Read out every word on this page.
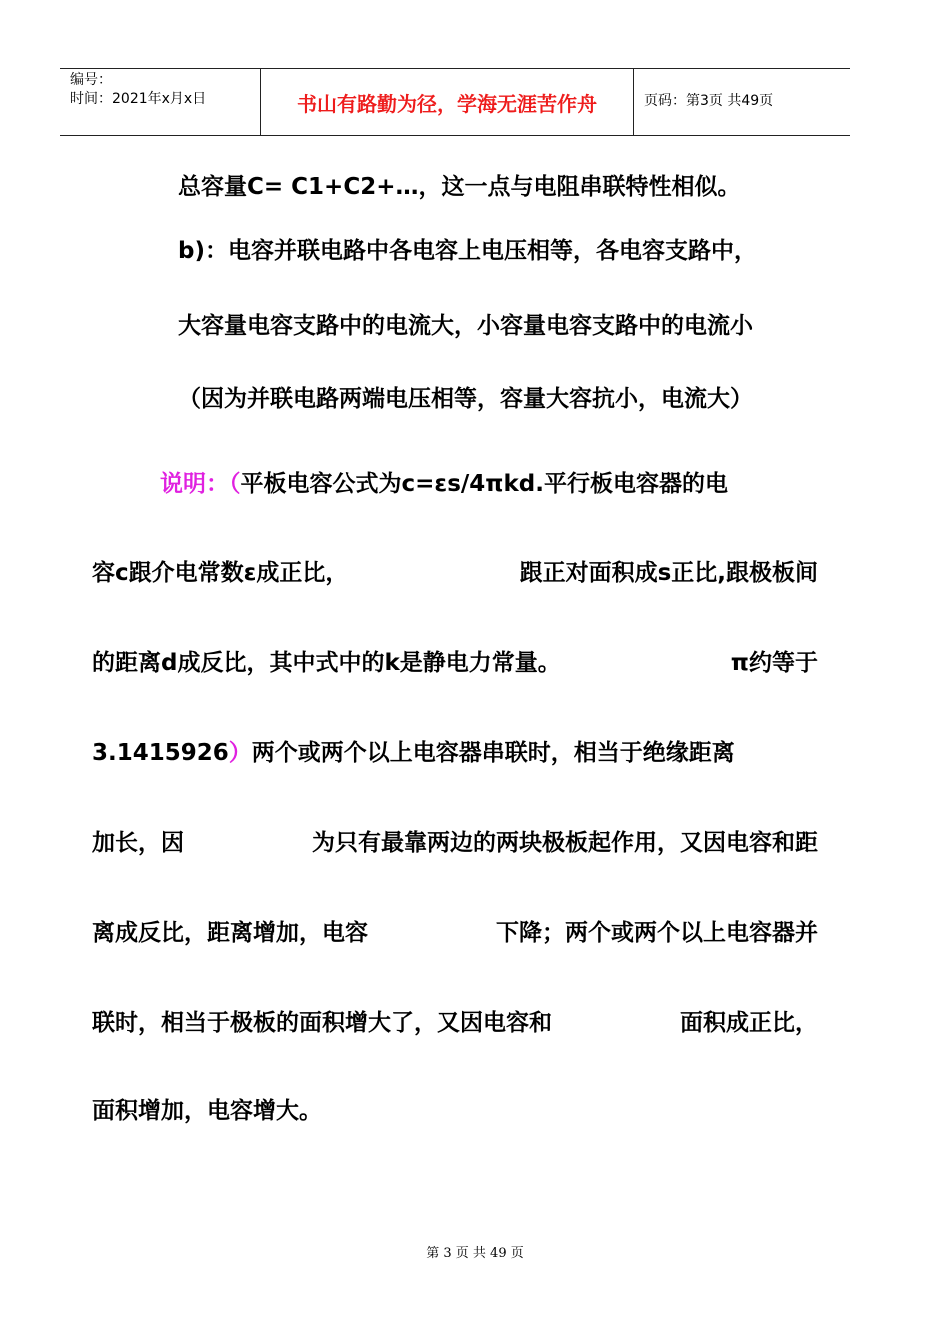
编号：
时间：2021年x月x日	书山有路勤为径，学海无涯苦作舟	页码：第3页 共49页
总容量C= C1+C2+…，这一点与电阻串联特性相似。
b)：电容并联电路中各电容上电压相等，各电容支路中，
大容量电容支路中的电流大，小容量电容支路中的电流小
（因为并联电路两端电压相等，容量大容抗小，电流大）
说明：（平板电容公式为c=εs/4πkd.平行板电容器的电
容c跟介电常数ε成正比，	跟正对面积成s正比,跟极板间
的距离d成反比，其中式中的k是静电力常量。	π约等于
3.1415926）两个或两个以上电容器串联时，相当于绝缘距离
加长，因	为只有最靠两边的两块极板起作用，又因电容和距
离成反比，距离增加，电容	下降；两个或两个以上电容器并
联时，相当于极板的面积增大了，又因电容和	面积成正比，
面积增加，电容增大。
第 3 页 共 49 页
